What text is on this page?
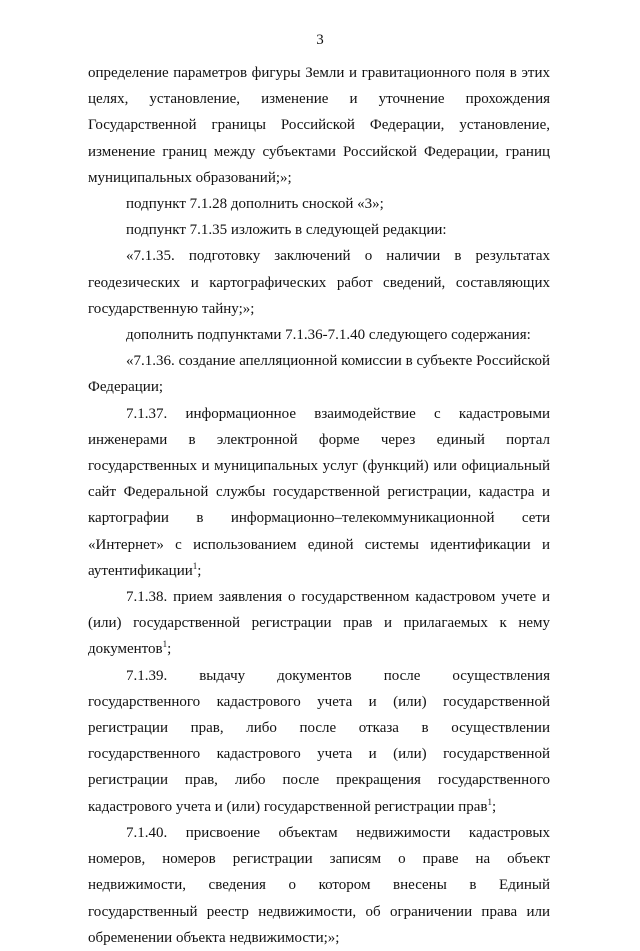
3

определение параметров фигуры Земли и гравитационного поля в этих целях, установление, изменение и уточнение прохождения Государственной границы Российской Федерации, установление, изменение границ между субъектами Российской Федерации, границ муниципальных образований;»;

подпункт 7.1.28 дополнить сноской «3»;

подпункт 7.1.35 изложить в следующей редакции:

«7.1.35. подготовку заключений о наличии в результатах геодезических и картографических работ сведений, составляющих государственную тайну;»;

дополнить подпунктами 7.1.36-7.1.40 следующего содержания:

«7.1.36. создание апелляционной комиссии в субъекте Российской Федерации;

7.1.37. информационное взаимодействие с кадастровыми инженерами в электронной форме через единый портал государственных и муниципальных услуг (функций) или официальный сайт Федеральной службы государственной регистрации, кадастра и картографии в информационно–телекоммуникационной сети «Интернет» с использованием единой системы идентификации и аутентификации$^1$;

7.1.38. прием заявления о государственном кадастровом учете и (или) государственной регистрации прав и прилагаемых к нему документов$^1$;

7.1.39. выдачу документов после осуществления государственного кадастрового учета и (или) государственной регистрации прав, либо после отказа в осуществлении государственного кадастрового учета и (или) государственной регистрации прав, либо после прекращения государственного кадастрового учета и (или) государственной регистрации прав$^1$;

7.1.40. присвоение объектам недвижимости кадастровых номеров, номеров регистрации записям о праве на объект недвижимости, сведения о котором внесены в Единый государственный реестр недвижимости, об ограничении права или обременении объекта недвижимости;»;
